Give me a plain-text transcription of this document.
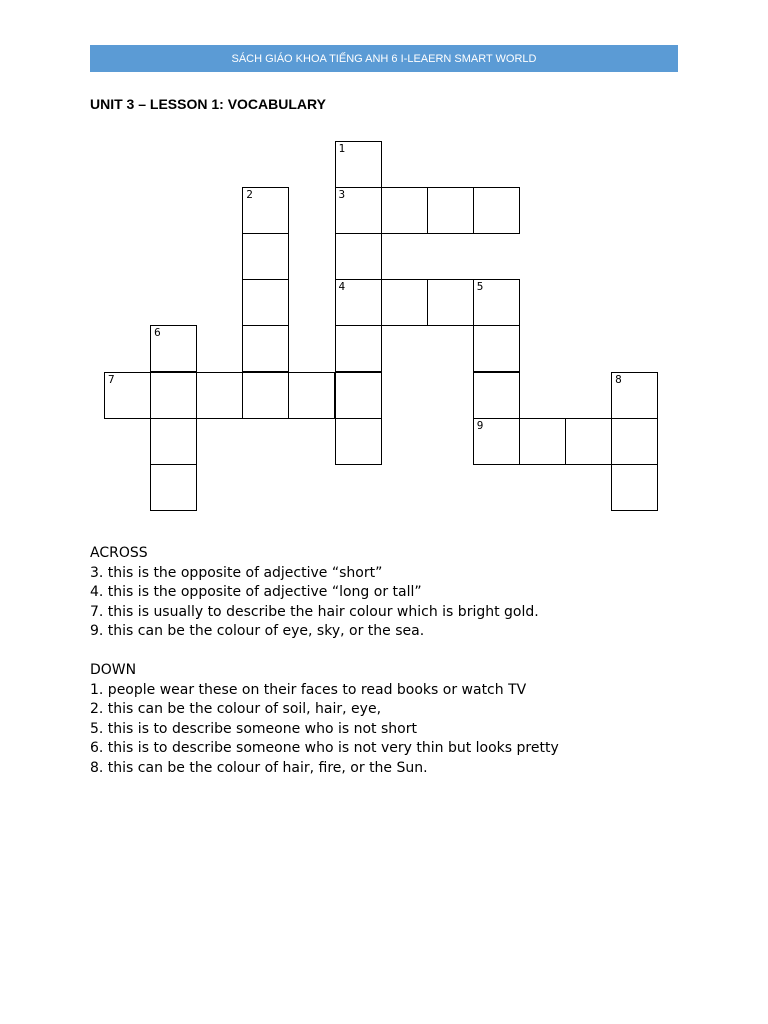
SÁCH GIÁO KHOA TIẾNG ANH 6 I-LEAERN SMART WORLD
UNIT 3 – LESSON 1: VOCABULARY
1
2	3
4	5
6
7	8
9

ACROSS

3. this is the opposite of adjective “short”

4. this is the opposite of adjective “long or tall”

7. this is usually to describe the hair colour which is bright gold.

9. this can be the colour of eye, sky, or the sea.

DOWN

1. people wear these on their faces to read books or watch TV

2. this can be the colour of soil, hair, eye,

5. this is to describe someone who is not short

6. this is to describe someone who is not very thin but looks pretty

8. this can be the colour of hair, fire, or the Sun.
